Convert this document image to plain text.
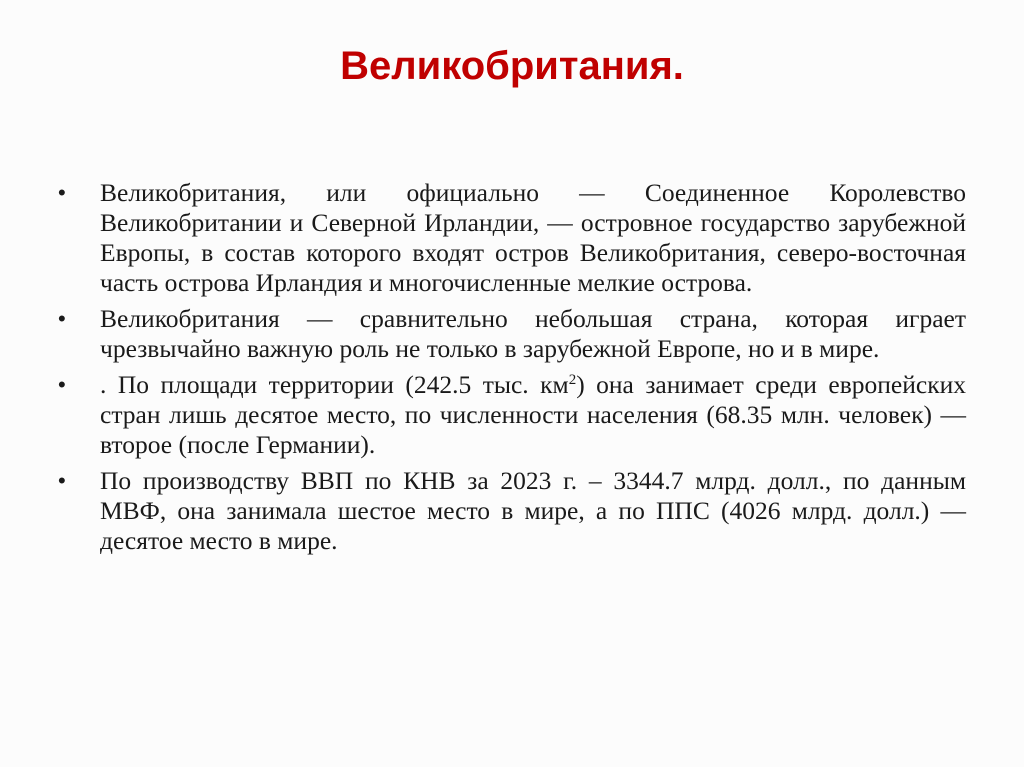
Великобритания.
•	Великобритания, или официально — Соединенное Королевство Великобритании и Северной Ирландии, — островное государство зарубежной Европы, в состав которого входят остров Великобритания, северо-восточная часть острова Ирландия и многочисленные мелкие острова.
•	Великобритания — сравнительно небольшая страна, которая играет чрезвычайно важную роль не только в зарубежной Европе, но и в мире.
•	. По площади территории (242.5 тыс. $км^2$) она занимает среди европейских стран лишь десятое место, по численности населения (68.35 млн. человек) — второе (после Германии).
•	По производству ВВП по КНВ за 2023 г. – 3344.7 млрд. долл., по данным МВФ, она занимала шестое место в мире, а по ППС (4026 млрд. долл.) — десятое место в мире.
